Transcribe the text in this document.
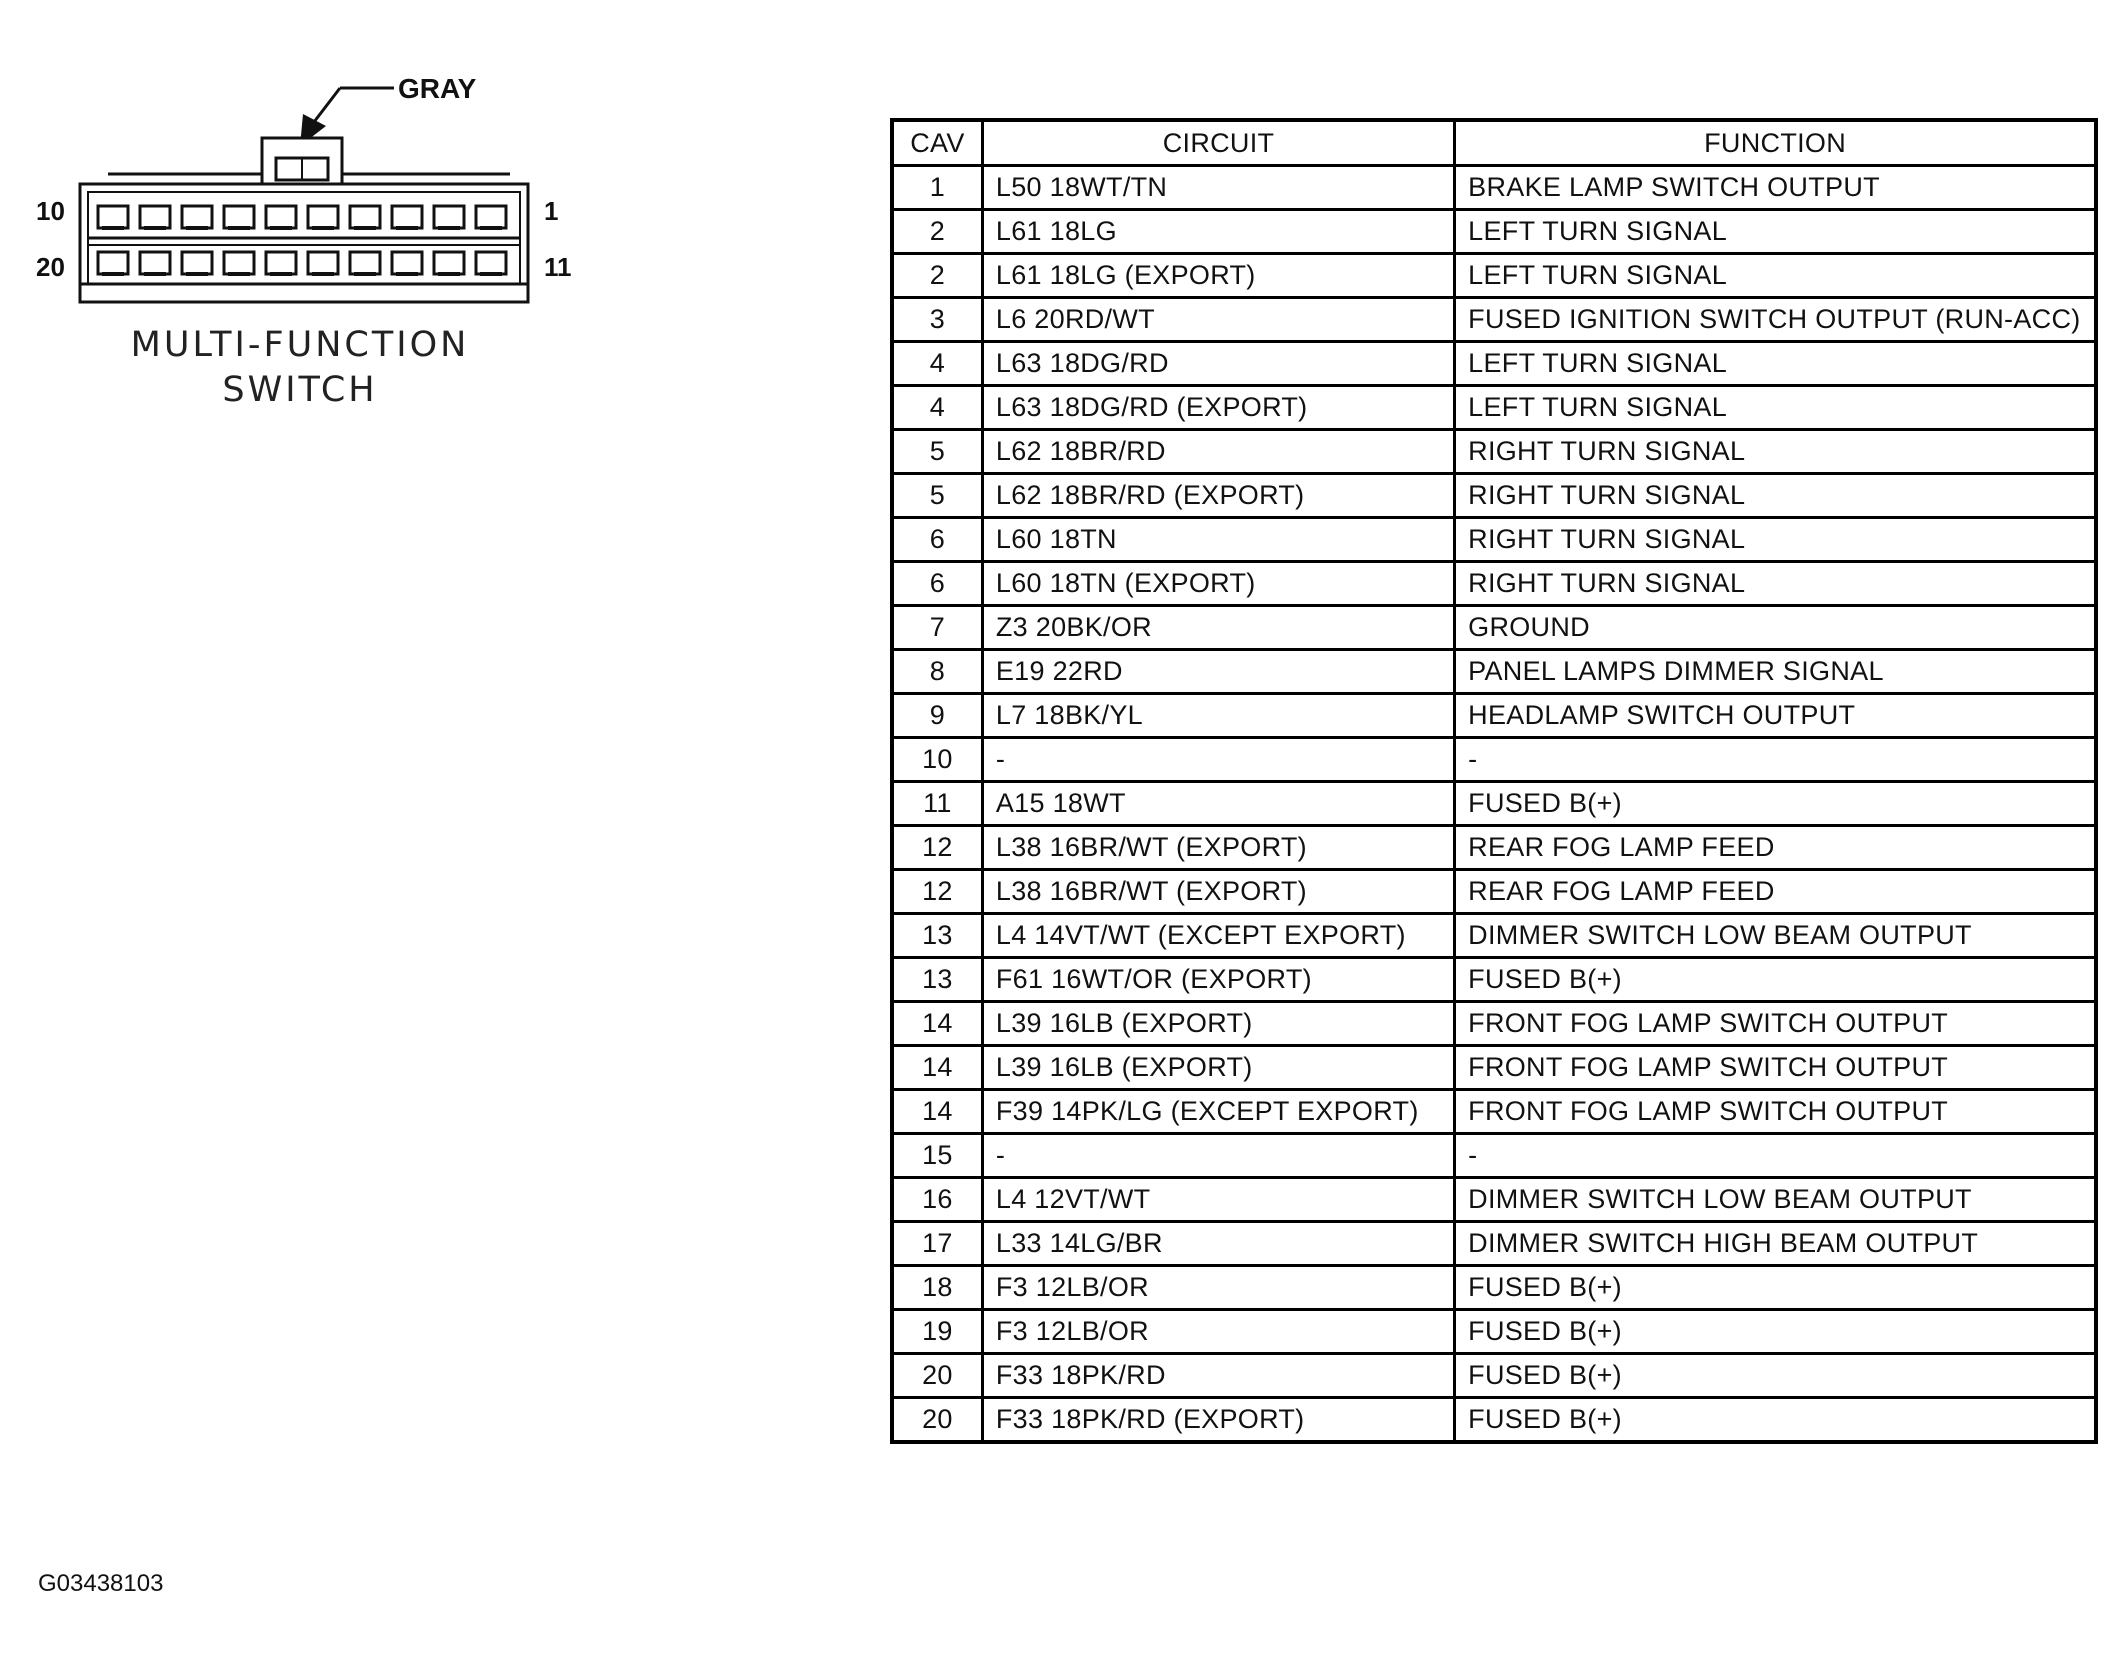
GRAY
10	1
20	11
MULTI-FUNCTION
SWITCH
CAV	CIRCUIT	FUNCTION
1	L50 18WT/TN	BRAKE LAMP SWITCH OUTPUT
2	L61 18LG	LEFT TURN SIGNAL
2	L61 18LG (EXPORT)	LEFT TURN SIGNAL
3	L6 20RD/WT	FUSED IGNITION SWITCH OUTPUT (RUN-ACC)
4	L63 18DG/RD	LEFT TURN SIGNAL
4	L63 18DG/RD (EXPORT)	LEFT TURN SIGNAL
5	L62 18BR/RD	RIGHT TURN SIGNAL
5	L62 18BR/RD (EXPORT)	RIGHT TURN SIGNAL
6	L60 18TN	RIGHT TURN SIGNAL
6	L60 18TN (EXPORT)	RIGHT TURN SIGNAL
7	Z3 20BK/OR	GROUND
8	E19 22RD	PANEL LAMPS DIMMER SIGNAL
9	L7 18BK/YL	HEADLAMP SWITCH OUTPUT
10	-	-
11	A15 18WT	FUSED B(+)
12	L38 16BR/WT (EXPORT)	REAR FOG LAMP FEED
12	L38 16BR/WT (EXPORT)	REAR FOG LAMP FEED
13	L4 14VT/WT (EXCEPT EXPORT)	DIMMER SWITCH LOW BEAM OUTPUT
13	F61 16WT/OR (EXPORT)	FUSED B(+)
14	L39 16LB (EXPORT)	FRONT FOG LAMP SWITCH OUTPUT
14	L39 16LB (EXPORT)	FRONT FOG LAMP SWITCH OUTPUT
14	F39 14PK/LG (EXCEPT EXPORT)	FRONT FOG LAMP SWITCH OUTPUT
15	-	-
16	L4 12VT/WT	DIMMER SWITCH LOW BEAM OUTPUT
17	L33 14LG/BR	DIMMER SWITCH HIGH BEAM OUTPUT
18	F3 12LB/OR	FUSED B(+)
19	F3 12LB/OR	FUSED B(+)
20	F33 18PK/RD	FUSED B(+)
20	F33 18PK/RD (EXPORT)	FUSED B(+)
G03438103
